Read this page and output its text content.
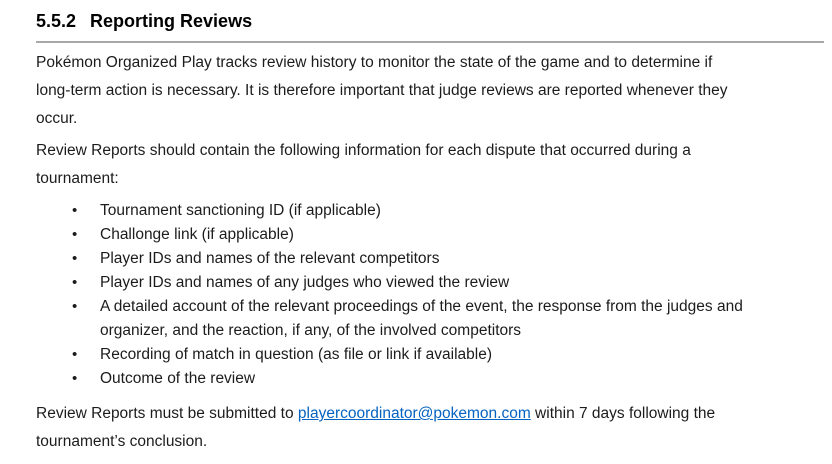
5.5.2 Reporting Reviews

Pokémon Organized Play tracks review history to monitor the state of the game and to determine if
long-term action is necessary. It is therefore important that judge reviews are reported whenever they
occur.

Review Reports should contain the following information for each dispute that occurred during a
tournament:

•	Tournament sanctioning ID (if applicable)
•	Challonge link (if applicable)
•	Player IDs and names of the relevant competitors
•	Player IDs and names of any judges who viewed the review
•	A detailed account of the relevant proceedings of the event, the response from the judges and
organizer, and the reaction, if any, of the involved competitors
•	Recording of match in question (as file or link if available)
•	Outcome of the review

Review Reports must be submitted to playercoordinator@pokemon.com within 7 days following the
tournament’s conclusion.
